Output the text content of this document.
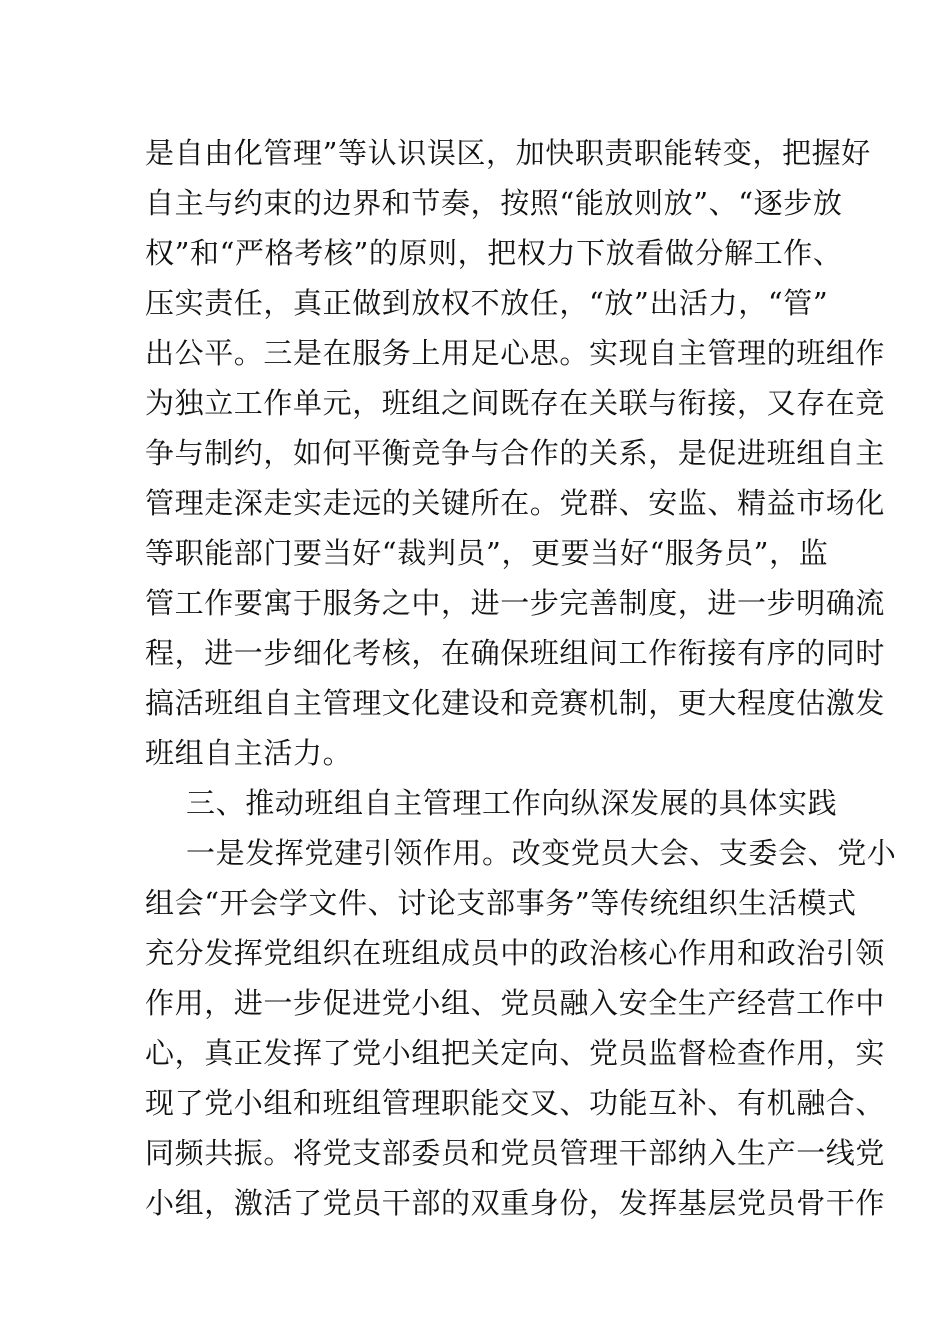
是自由化管理”等认识误区，加快职责职能转变，把握好
自主与约束的边界和节奏，按照“能放则放”、“逐步放
权”和“严格考核”的原则，把权力下放看做分解工作、
压实责任，真正做到放权不放任，“放”出活力，“管”
出公平。三是在服务上用足心思。实现自主管理的班组作
为独立工作单元，班组之间既存在关联与衔接，又存在竞
争与制约，如何平衡竞争与合作的关系，是促进班组自主
管理走深走实走远的关键所在。党群、安监、精益市场化
等职能部门要当好“裁判员”，更要当好“服务员”，监
管工作要寓于服务之中，进一步完善制度，进一步明确流
程，进一步细化考核，在确保班组间工作衔接有序的同时
搞活班组自主管理文化建设和竞赛机制，更大程度估激发
班组自主活力。
三、推动班组自主管理工作向纵深发展的具体实践
一是发挥党建引领作用。改变党员大会、支委会、党小
组会“开会学文件、讨论支部事务”等传统组织生活模式
充分发挥党组织在班组成员中的政治核心作用和政治引领
作用，进一步促进党小组、党员融入安全生产经营工作中
心，真正发挥了党小组把关定向、党员监督检查作用，实
现了党小组和班组管理职能交叉、功能互补、有机融合、
同频共振。将党支部委员和党员管理干部纳入生产一线党
小组，激活了党员干部的双重身份，发挥基层党员骨干作
